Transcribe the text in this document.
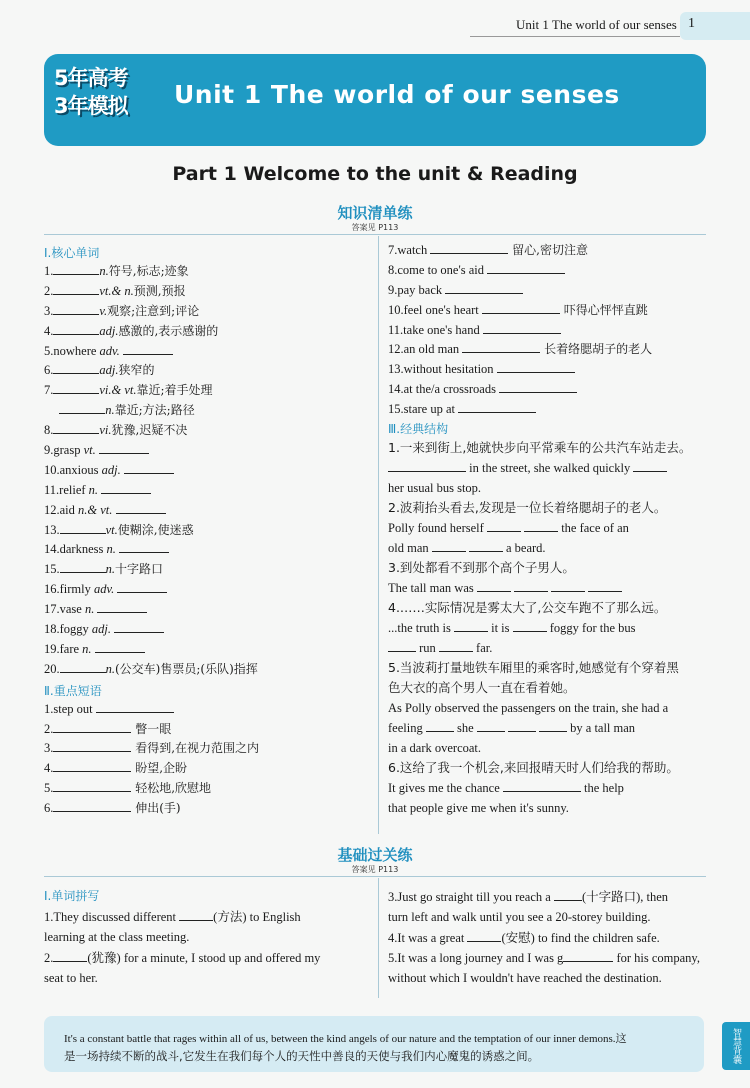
Unit 1 The world of our senses 1
5年高考
3年模拟 Unit 1 The world of our senses
Part 1 Welcome to the unit & Reading
知识清单练
答案见 P113
Ⅰ.核心单词
1.	n.符号,标志;迹象
2.	vt.& n.预测,预报
3.	v.观察;注意到;评论
4.	adj.感激的,表示感谢的
5.nowhere adv.
6.	adj.狭窄的
7.	vi.& vt.靠近;着手处理
n.靠近;方法;路径
8.	vi.犹豫,迟疑不决
9.grasp vt.
10.anxious adj.
11.relief n.
12.aid n.& vt.
13.	vt.使糊涂,使迷惑
14.darkness n.
15.	n.十字路口
16.firmly adv.
17.vase n.
18.foggy adj.
19.fare n.
20.	n.(公交车)售票员;(乐队)指挥
Ⅱ.重点短语
1.step out
2.	瞥一眼
3.	看得到,在视力范围之内
4.	盼望,企盼
5.	轻松地,欣慰地
6.	伸出(手)
7.watch	留心,密切注意
8.come to one's aid
9.pay back
10.feel one's heart	吓得心怦怦直跳
11.take one's hand
12.an old man	长着络腮胡子的老人
13.without hesitation
14.at the/a crossroads
15.stare up at
Ⅲ.经典结构
1.一来到街上,她就快步向平常乘车的公共汽车站走去。
in the street, she walked quickly
her usual bus stop.
2.波莉抬头看去,发现是一位长着络腮胡子的老人。
Polly found herself	the face of an
old man	a beard.
3.到处都看不到那个高个子男人。
The tall man was
4.……实际情况是雾太大了,公交车跑不了那么远。
...the truth is	it is	foggy for the bus
run	far.
5.当波莉打量地铁车厢里的乘客时,她感觉有个穿着黑
色大衣的高个男人一直在看着她。
As Polly observed the passengers on the train, she had a
feeling  she	by a tall man
in a dark overcoat.
6.这给了我一个机会,来回报晴天时人们给我的帮助。
It gives me the chance	the help
that people give me when it's sunny.
基础过关练
答案见 P113
Ⅰ.单词拼写
1.They discussed different	(方法) to English
learning at the class meeting.
2.	(犹豫) for a minute, I stood up and offered my
seat to her.
3.Just go straight till you reach a (十字路口), then
turn left and walk until you see a 20-storey building.
4.It was a great	(安慰) to find the children safe.
5.It was a long journey and I was g	for his company,
without which I wouldn't have reached the destination.
It's a constant battle that rages within all of us, between the kind angels of our nature and the temptation of our inner demons.这
是一场持续不断的战斗,它发生在我们每个人的天性中善良的天使与我们内心魔鬼的诱惑之间。	智慧背囊
